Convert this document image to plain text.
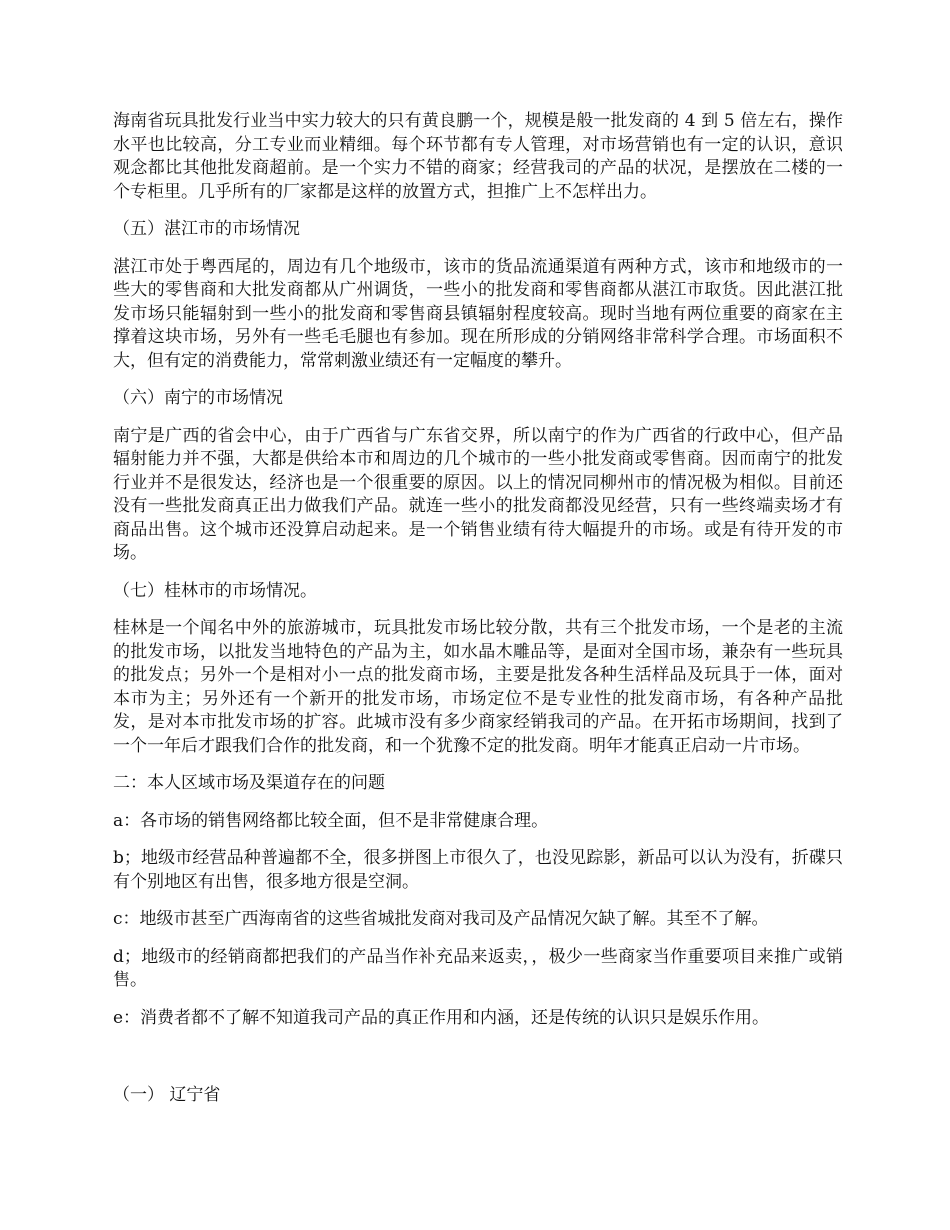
海南省玩具批发行业当中实力较大的只有黄良鹏一个，规模是般一批发商的 4 到 5 倍左右，操作水平也比较高，分工专业而业精细。每个环节都有专人管理，对市场营销也有一定的认识，意识观念都比其他批发商超前。是一个实力不错的商家；经营我司的产品的状况，是摆放在二楼的一个专柜里。几乎所有的厂家都是这样的放置方式，担推广上不怎样出力。

（五）湛江市的市场情况

湛江市处于粤西尾的，周边有几个地级市，该市的货品流通渠道有两种方式，该市和地级市的一些大的零售商和大批发商都从广州调货，一些小的批发商和零售商都从湛江市取货。因此湛江批发市场只能辐射到一些小的批发商和零售商县镇辐射程度较高。现时当地有两位重要的商家在主撑着这块市场，另外有一些毛毛腿也有参加。现在所形成的分销网络非常科学合理。市场面积不大，但有定的消费能力，常常刺激业绩还有一定幅度的攀升。

（六）南宁的市场情况

南宁是广西的省会中心，由于广西省与广东省交界，所以南宁的作为广西省的行政中心，但产品辐射能力并不强，大都是供给本市和周边的几个城市的一些小批发商或零售商。因而南宁的批发行业并不是很发达，经济也是一个很重要的原因。以上的情况同柳州市的情况极为相似。目前还没有一些批发商真正出力做我们产品。就连一些小的批发商都没见经营，只有一些终端卖场才有商品出售。这个城市还没算启动起来。是一个销售业绩有待大幅提升的市场。或是有待开发的市场。

（七）桂林市的市场情况。

桂林是一个闻名中外的旅游城市，玩具批发市场比较分散，共有三个批发市场，一个是老的主流的批发市场，以批发当地特色的产品为主，如水晶木雕品等，是面对全国市场，兼杂有一些玩具的批发点；另外一个是相对小一点的批发商市场，主要是批发各种生活样品及玩具于一体，面对本市为主；另外还有一个新开的批发市场，市场定位不是专业性的批发商市场，有各种产品批发，是对本市批发市场的扩容。此城市没有多少商家经销我司的产品。在开拓市场期间，找到了一个一年后才跟我们合作的批发商，和一个犹豫不定的批发商。明年才能真正启动一片市场。

二：本人区域市场及渠道存在的问题

a：各市场的销售网络都比较全面，但不是非常健康合理。

b；地级市经营品种普遍都不全，很多拼图上市很久了，也没见踪影，新品可以认为没有，折碟只有个别地区有出售，很多地方很是空洞。

c：地级市甚至广西海南省的这些省城批发商对我司及产品情况欠缺了解。其至不了解。

d；地级市的经销商都把我们的产品当作补充品来返卖，，极少一些商家当作重要项目来推广或销售。

e：消费者都不了解不知道我司产品的真正作用和内涵，还是传统的认识只是娱乐作用。

（一） 辽宁省
